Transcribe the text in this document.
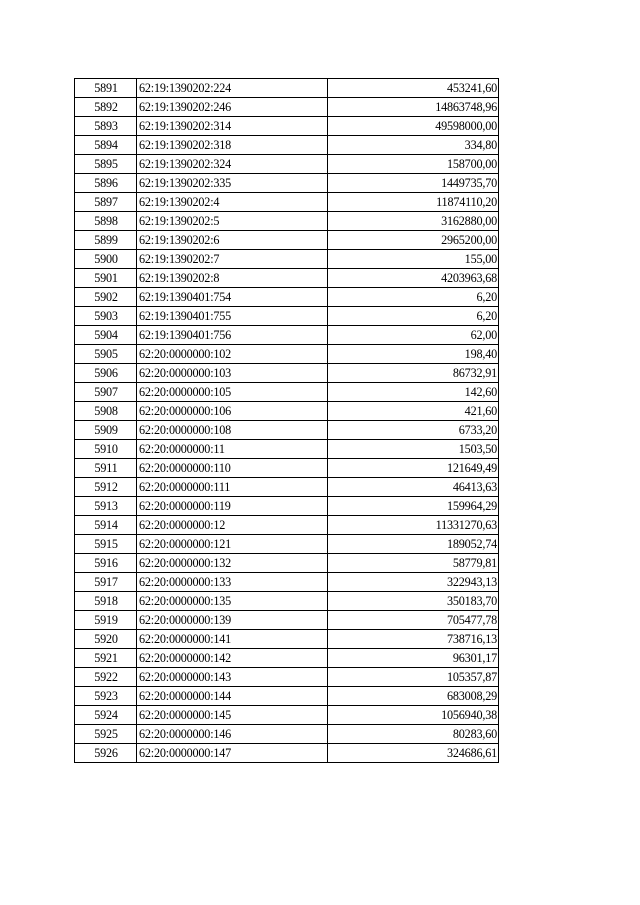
5891	62:19:1390202:224	453241,60
5892	62:19:1390202:246	14863748,96
5893	62:19:1390202:314	49598000,00
5894	62:19:1390202:318	334,80
5895	62:19:1390202:324	158700,00
5896	62:19:1390202:335	1449735,70
5897	62:19:1390202:4	11874110,20
5898	62:19:1390202:5	3162880,00
5899	62:19:1390202:6	2965200,00
5900	62:19:1390202:7	155,00
5901	62:19:1390202:8	4203963,68
5902	62:19:1390401:754	6,20
5903	62:19:1390401:755	6,20
5904	62:19:1390401:756	62,00
5905	62:20:0000000:102	198,40
5906	62:20:0000000:103	86732,91
5907	62:20:0000000:105	142,60
5908	62:20:0000000:106	421,60
5909	62:20:0000000:108	6733,20
5910	62:20:0000000:11	1503,50
5911	62:20:0000000:110	121649,49
5912	62:20:0000000:111	46413,63
5913	62:20:0000000:119	159964,29
5914	62:20:0000000:12	11331270,63
5915	62:20:0000000:121	189052,74
5916	62:20:0000000:132	58779,81
5917	62:20:0000000:133	322943,13
5918	62:20:0000000:135	350183,70
5919	62:20:0000000:139	705477,78
5920	62:20:0000000:141	738716,13
5921	62:20:0000000:142	96301,17
5922	62:20:0000000:143	105357,87
5923	62:20:0000000:144	683008,29
5924	62:20:0000000:145	1056940,38
5925	62:20:0000000:146	80283,60
5926	62:20:0000000:147	324686,61
